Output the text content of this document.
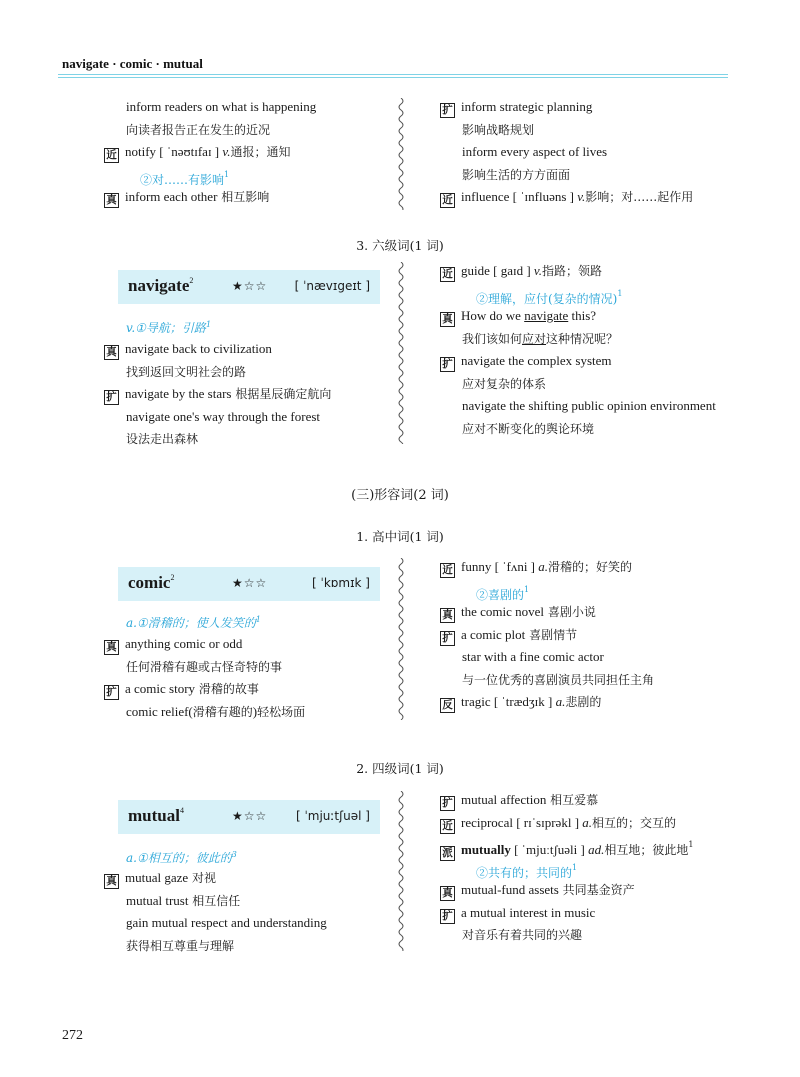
navigate · comic · mutual
inform readers on what is happening
向读者报告正在发生的近况
近 notify [ ˈnəʊtɪfaɪ ] v.通报；通知
②对……有影响$^1$
真 inform each other 相互影响
扩 inform strategic planning
影响战略规划
inform every aspect of lives
影响生活的方方面面
近 influence [ ˈɪnfluəns ] v.影响；对……起作用
3. 六级词(1 词)
navigate$^2$	★☆☆ [ ˈnævɪgeɪt ]
v.①导航；引路$^1$
真 navigate back to civilization
找到返回文明社会的路
扩 navigate by the stars 根据星辰确定航向
navigate one's way through the forest
设法走出森林
近 guide [ gaɪd ] v.指路；领路
②理解，应付(复杂的情况)$^1$
真 How do we navigate this?
我们该如何应对这种情况呢？
扩 navigate the complex system
应对复杂的体系
navigate the shifting public opinion environment
应对不断变化的舆论环境
(三)形容词(2 词)
1. 高中词(1 词)
comic$^2$	★☆☆	[ ˈkɒmɪk ]
a.①滑稽的；使人发笑的$^1$
真 anything comic or odd
任何滑稽有趣或古怪奇特的事
扩 a comic story 滑稽的故事
comic relief(滑稽有趣的)轻松场面
近 funny [ ˈfʌni ] a.滑稽的；好笑的
②喜剧的$^1$
真 the comic novel 喜剧小说
扩 a comic plot 喜剧情节
star with a fine comic actor
与一位优秀的喜剧演员共同担任主角
反 tragic [ ˈtrædʒɪk ] a.悲剧的
2. 四级词(1 词)
mutual$^4$	★☆☆ [ ˈmjuːtʃuəl ]
a.①相互的；彼此的$^3$
真 mutual gaze 对视
mutual trust 相互信任
gain mutual respect and understanding
获得相互尊重与理解
扩 mutual affection 相互爱慕
近 reciprocal [ rɪˈsɪprəkl ] a.相互的；交互的
派 mutually [ ˈmjuːtʃuəli ] ad.相互地；彼此地$^1$
②共有的；共同的$^1$
真 mutual-fund assets 共同基金资产
扩 a mutual interest in music
对音乐有着共同的兴趣
272
